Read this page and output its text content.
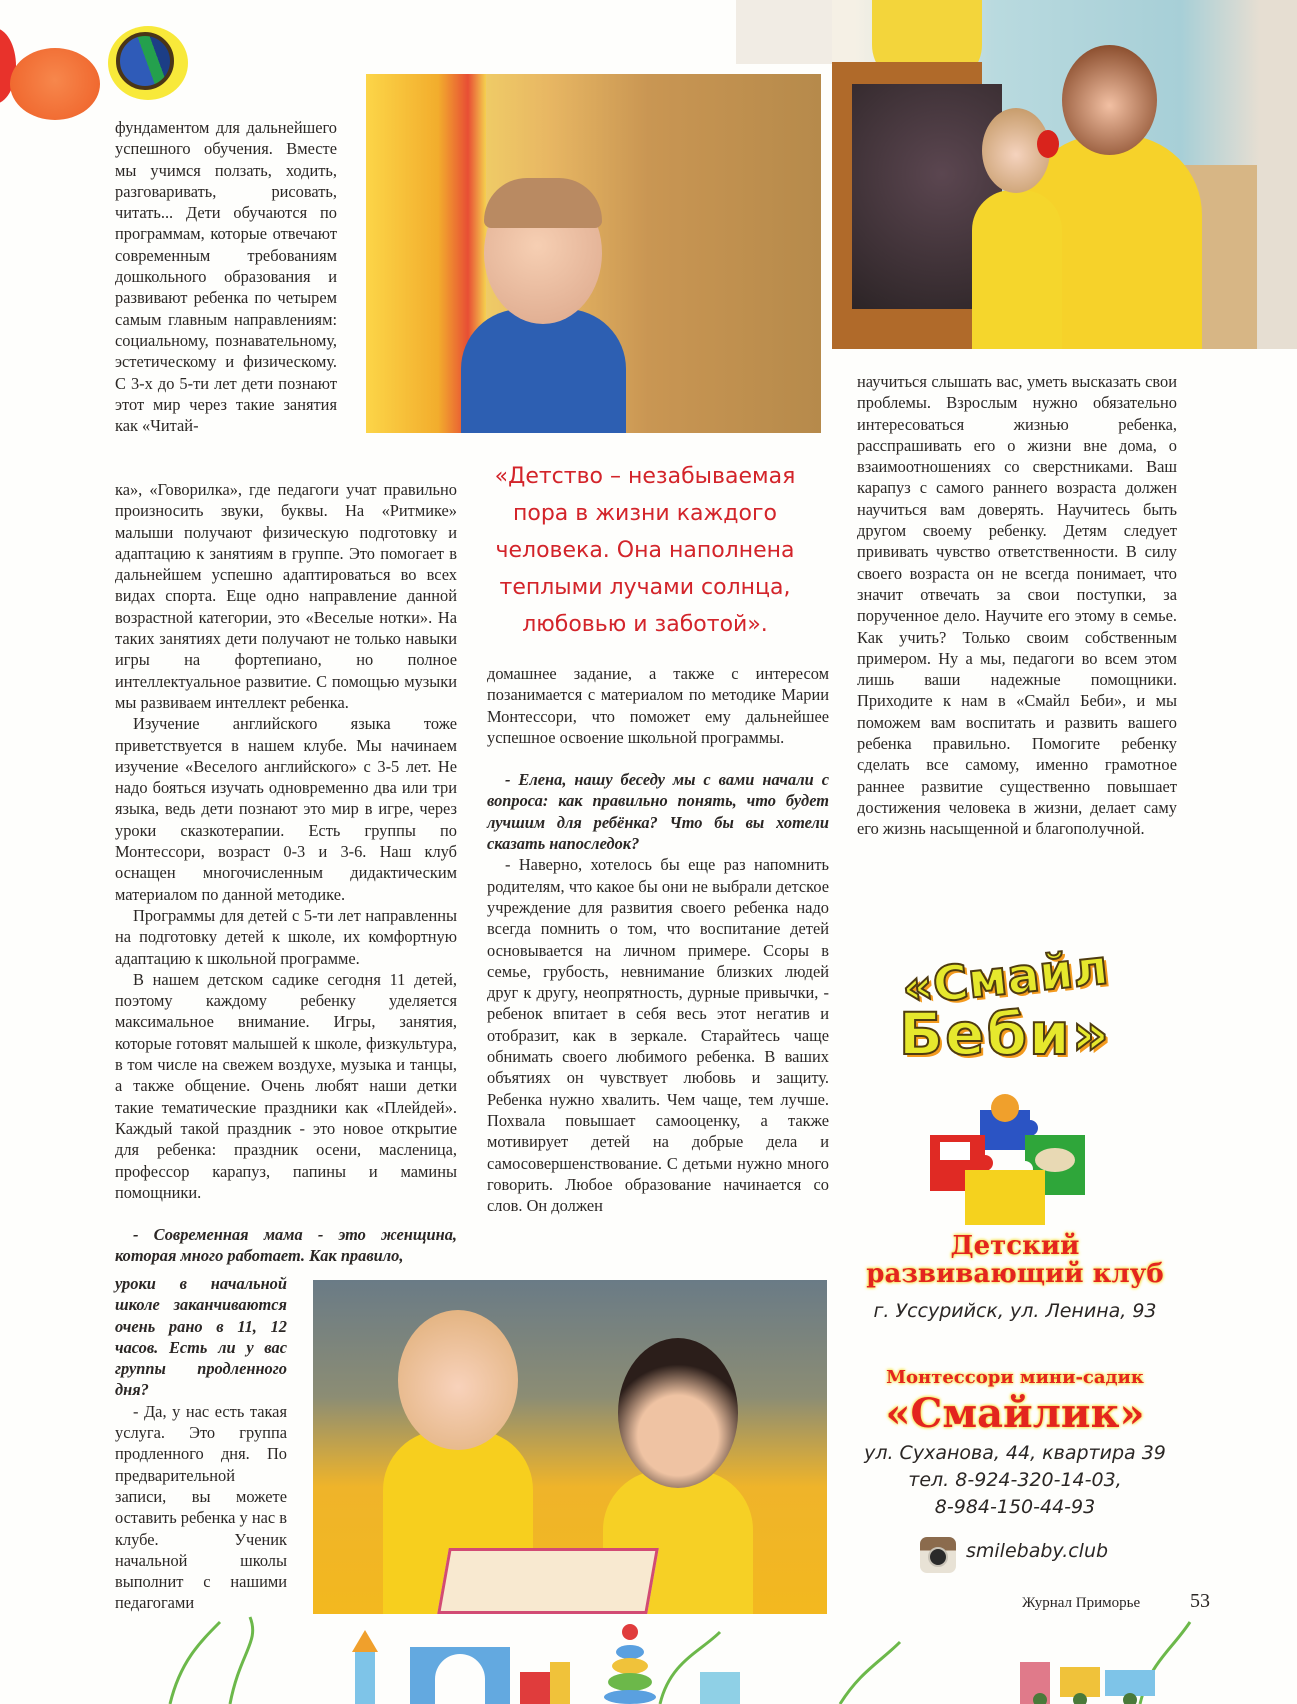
фундаментом для дальнейшего успешного обучения. Вместе мы учимся ползать, ходить, разговаривать, рисовать, читать... Дети обучаются по программам, которые отвечают современным требованиям дошкольного образования и развивают ребенка по четырем самым главным направлениям: социальному, познавательному, эстетическому и физическому. С 3-х до 5-ти лет дети познают этот мир через такие занятия как «Читай-

ка», «Говорилка», где педагоги учат правильно произносить звуки, буквы. На «Ритмике» малыши получают физическую подготовку и адаптацию к занятиям в группе. Это помогает в дальнейшем успешно адаптироваться во всех видах спорта. Еще одно направление данной возрастной категории, это «Веселые нотки». На таких занятиях дети получают не только навыки игры на фортепиано, но полное интеллектуальное развитие. С помощью музыки мы развиваем интеллект ребенка.

Изучение английского языка тоже приветствуется в нашем клубе. Мы начинаем изучение «Веселого английского» с 3-5 лет. Не надо бояться изучать одновременно два или три языка, ведь дети познают это мир в игре, через уроки сказкотерапии. Есть группы по Монтессори, возраст 0-3 и 3-6. Наш клуб оснащен многочисленным дидактическим материалом по данной методике.

Программы для детей с 5-ти лет направленны на подготовку детей к школе, их комфортную адаптацию к школьной программе.

В нашем детском садике сегодня 11 детей, поэтому каждому ребенку уделяется максимальное внимание. Игры, занятия, которые готовят малышей к школе, физкультура, в том числе на свежем воздухе, музыка и танцы, а также общение. Очень любят наши детки такие тематические праздники как «Плейдей». Каждый такой праздник - это новое открытие для ребенка: праздник осени, масленица, профессор карапуз, папины и мамины помощники.

- Современная мама - это женщина, которая много работает. Как правило,

уроки в начальной школе заканчиваются очень рано в 11, 12 часов. Есть ли у вас группы продленного дня?

- Да, у нас есть такая услуга. Это группа продленного дня. По предварительной записи, вы можете оставить ребенка у нас в клубе. Ученик начальной школы выполнит с нашими педагогами

«Детство – незабываемая пора в жизни каждого человека. Она наполнена теплыми лучами солнца, любовью и заботой».

домашнее задание, а также с интересом позанимается с материалом по методике Марии Монтессори, что поможет ему дальнейшее успешное освоение школьной программы.

- Елена, нашу беседу мы с вами начали с вопроса: как правильно понять, что будет лучшим для ребёнка? Что бы вы хотели сказать напоследок?

- Наверно, хотелось бы еще раз напомнить родителям, что какое бы они не выбрали детское учреждение для развития своего ребенка надо всегда помнить о том, что воспитание детей основывается на личном примере. Ссоры в семье, грубость, невнимание близких людей друг к другу, неопрятность, дурные привычки, - ребенок впитает в себя весь этот негатив и отобразит, как в зеркале. Старайтесь чаще обнимать своего любимого ребенка. В ваших объятиях он чувствует любовь и защиту. Ребенка нужно хвалить. Чем чаще, тем лучше. Похвала повышает самооценку, а также мотивирует детей на добрые дела и самосовершенствование. С детьми нужно много говорить. Любое образование начинается со слов. Он должен

научиться слышать вас, уметь высказать свои проблемы. Взрослым нужно обязательно интересоваться жизнью ребенка, расспрашивать его о жизни вне дома, о взаимоотношениях со сверстниками. Ваш карапуз с самого раннего возраста должен научиться вам доверять. Научитесь быть другом своему ребенку. Детям следует прививать чувство ответственности. В силу своего возраста он не всегда понимает, что значит отвечать за свои поступки, за порученное дело. Научите его этому в семье. Как учить? Только своим собственным примером. Ну а мы, педагоги во всем этом лишь ваши надежные помощники. Приходите к нам в «Смайл Беби», и мы поможем вам воспитать и развить вашего ребенка правильно. Помогите ребенку сделать все самому, именно грамотное раннее развитие существенно повышает достижения человека в жизни, делает саму его жизнь насыщенной и благополучной.

«Смайл
Беби»
Детский развивающий клуб
г. Уссурийск, ул. Ленина, 93
Монтессори мини-садик
«Смайлик»
ул. Суханова, 44, квартира 39
тел. 8-924-320-14-03,
8-984-150-44-93
smilebaby.club
Журнал Приморье 53
